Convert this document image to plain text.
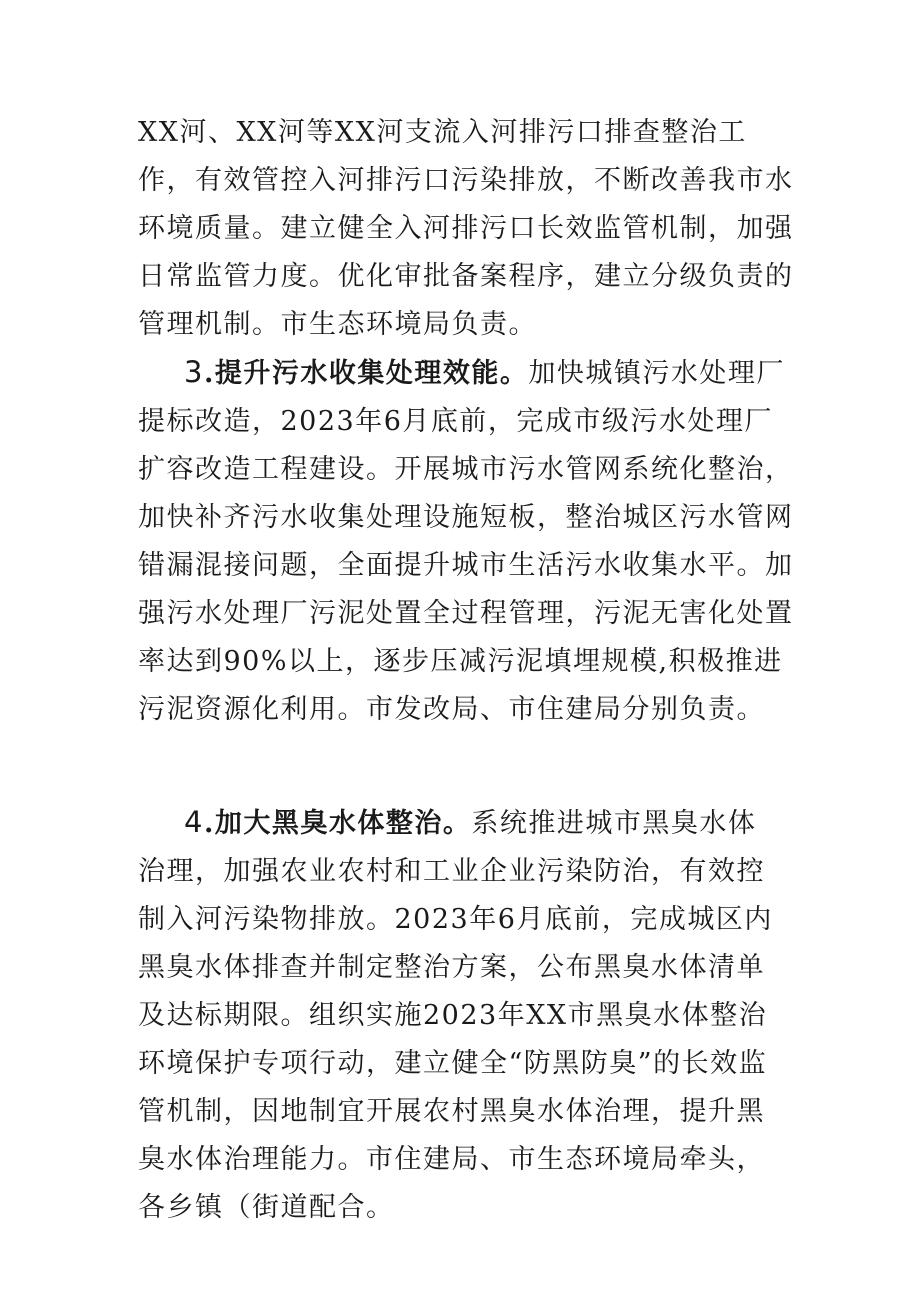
XX河、XX河等XX河支流入河排污口排查整治工作，有效管控入河排污口污染排放，不断改善我市水环境质量。建立健全入河排污口长效监管机制，加强日常监管力度。优化审批备案程序，建立分级负责的管理机制。市生态环境局负责。

3.提升污水收集处理效能。加快城镇污水处理厂提标改造，2023年6月底前，完成市级污水处理厂扩容改造工程建设。开展城市污水管网系统化整治，加快补齐污水收集处理设施短板，整治城区污水管网错漏混接问题，全面提升城市生活污水收集水平。加强污水处理厂污泥处置全过程管理，污泥无害化处置率达到90%以上，逐步压减污泥填埋规模,积极推进污泥资源化利用。市发改局、市住建局分别负责。

4.加大黑臭水体整治。系统推进城市黑臭水体治理，加强农业农村和工业企业污染防治，有效控制入河污染物排放。2023年6月底前，完成城区内黑臭水体排查并制定整治方案，公布黑臭水体清单及达标期限。组织实施2023年XX市黑臭水体整治环境保护专项行动，建立健全“防黑防臭”的长效监管机制，因地制宜开展农村黑臭水体治理，提升黑臭水体治理能力。市住建局、市生态环境局牵头，各乡镇（街道配合。
